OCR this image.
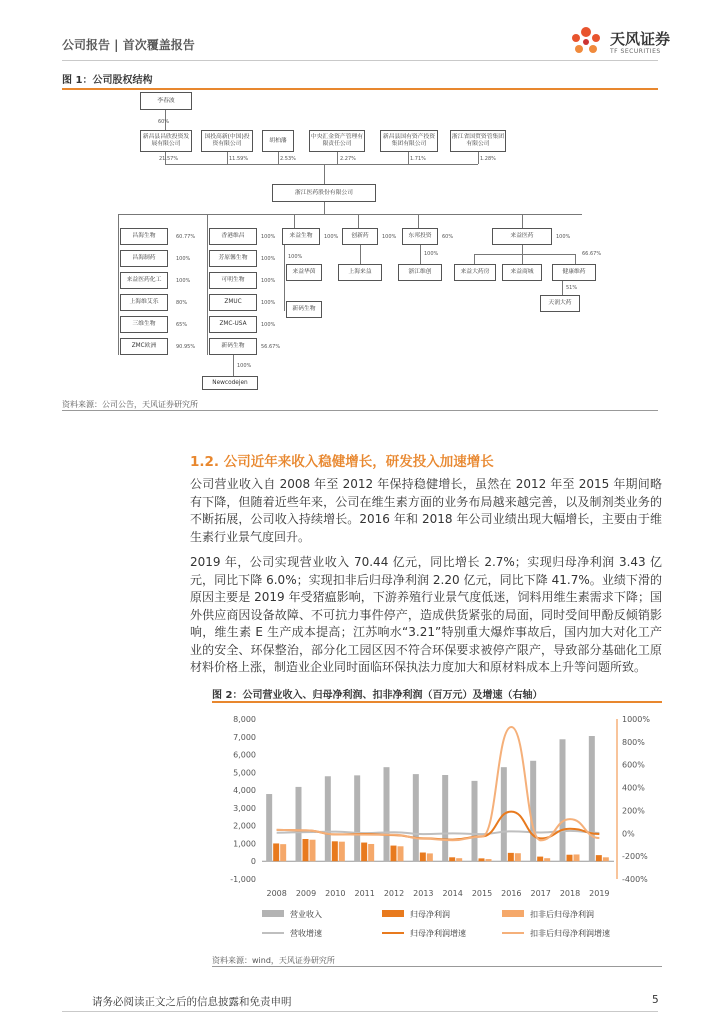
公司报告 | 首次覆盖报告	天风证券
TF SECURITIES
图 1：公司股权结构
李春波
60%
新昌县昌欣投资发展有限公司
国投高新(中国)投资有限公司
胡柏藩
中央汇金资产管理有限责任公司
新昌县国有资产投资集团有限公司
浙江省国贸资管集团有限公司
21.57%	11.59%	2.53%	2.27%	1.71%	1.28%
浙江医药股份有限公司
昌海生物
昌海制药
来益医药化工
上海维艾乐
三维生物
ZMC欧洲
60.77%
100%
100%
80%
65%
90.95%
香港维昌
芳原馨生物
可明生物
ZMUC
ZMC-USA
新码生物
100%
100%
100%
100%
100%
56.67%
100%
Newcodejen
来益生物	100%
来益华茵
100%
新码生物
创新药	100%
上海来益
东邦投资	60%
100%
浙江维创
来益医药	100%
来益大药房	来益商城	健康维药
66.67%
51%
天润大药
资料来源：公司公告，天风证券研究所
1.2. 公司近年来收入稳健增长，研发投入加速增长
公司营业收入自 2008 年至 2012 年保持稳健增长，虽然在 2012 年至 2015 年期间略有下降，但随着近些年来，公司在维生素方面的业务布局越来越完善，以及制剂类业务的不断拓展，公司收入持续增长。2016 年和 2018 年公司业绩出现大幅增长，主要由于维生素行业景气度回升。
2019 年，公司实现营业收入 70.44 亿元，同比增长 2.7%；实现归母净利润 3.43 亿元，同比下降 6.0%；实现扣非后归母净利润 2.20 亿元，同比下降 41.7%。业绩下滑的原因主要是 2019 年受猪瘟影响，下游养殖行业景气度低迷，饲料用维生素需求下降；国外供应商因设备故障、不可抗力事件停产，造成供货紧张的局面，同时受间甲酚反倾销影响，维生素 E 生产成本提高；江苏响水“3.21”特别重大爆炸事故后，国内加大对化工产业的安全、环保整治，部分化工园区因不符合环保要求被停产限产，导致部分基础化工原材料价格上涨，制造业企业同时面临环保执法力度加大和原材料成本上升等问题所致。
图 2：公司营业收入、归母净利润、扣非净利润（百万元）及增速（右轴）
8,000
7,000
6,000
5,000
4,000
3,000
2,000
1,000
0
-1,000
1000%
800%
600%
400%
200%
0%
-200%
-400%
2008 2009 2010 2011 2012 2013 2014 2015 2016 2017 2018 2019
营业收入	归母净利润	扣非后归母净利润
营收增速	归母净利润增速	扣非后归母净利润增速
资料来源：wind，天风证券研究所
请务必阅读正文之后的信息披露和免责申明	5
